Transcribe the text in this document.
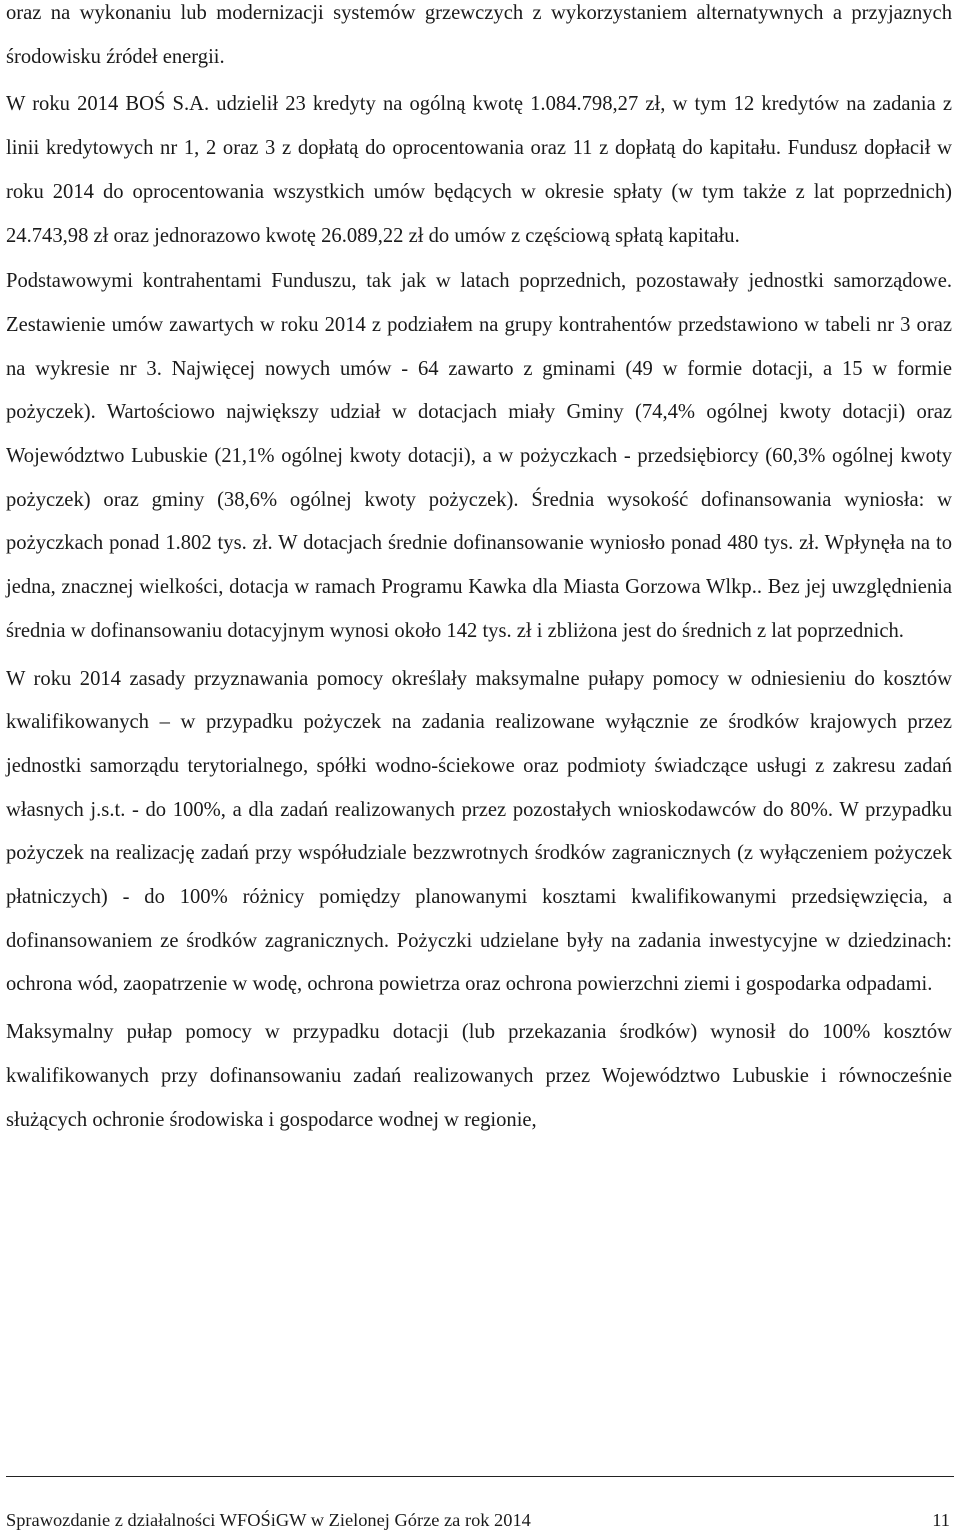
oraz na wykonaniu lub modernizacji systemów grzewczych z wykorzystaniem alternatywnych a przyjaznych środowisku źródeł energii.

W roku 2014 BOŚ S.A. udzielił 23 kredyty na ogólną kwotę 1.084.798,27 zł, w tym 12 kredytów na zadania z linii kredytowych nr 1, 2 oraz 3 z dopłatą do oprocentowania oraz 11 z dopłatą do kapitału. Fundusz dopłacił w roku 2014 do oprocentowania wszystkich umów będących w okresie spłaty (w tym także z lat poprzednich) 24.743,98 zł oraz jednorazowo kwotę 26.089,22 zł do umów z częściową spłatą kapitału.

Podstawowymi kontrahentami Funduszu, tak jak w latach poprzednich, pozostawały jednostki samorządowe. Zestawienie umów zawartych w roku 2014 z podziałem na grupy kontrahentów przedstawiono w tabeli nr 3 oraz na wykresie nr 3. Najwięcej nowych umów - 64 zawarto z gminami (49 w formie dotacji, a 15 w formie pożyczek). Wartościowo największy udział w dotacjach miały Gminy (74,4% ogólnej kwoty dotacji) oraz Województwo Lubuskie (21,1% ogólnej kwoty dotacji), a w pożyczkach - przedsiębiorcy (60,3% ogólnej kwoty pożyczek) oraz gminy (38,6% ogólnej kwoty pożyczek). Średnia wysokość dofinansowania wyniosła: w pożyczkach ponad 1.802 tys. zł. W dotacjach średnie dofinansowanie wyniosło ponad 480 tys. zł. Wpłynęła na to jedna, znacznej wielkości, dotacja w ramach Programu Kawka dla Miasta Gorzowa Wlkp.. Bez jej uwzględnienia średnia w dofinansowaniu dotacyjnym wynosi około 142 tys. zł i zbliżona jest do średnich z lat poprzednich.

W roku 2014 zasady przyznawania pomocy określały maksymalne pułapy pomocy w odniesieniu do kosztów kwalifikowanych – w przypadku pożyczek na zadania realizowane wyłącznie ze środków krajowych przez jednostki samorządu terytorialnego, spółki wodno-ściekowe oraz podmioty świadczące usługi z zakresu zadań własnych j.s.t. - do 100%, a dla zadań realizowanych przez pozostałych wnioskodawców do 80%. W przypadku pożyczek na realizację zadań przy współudziale bezzwrotnych środków zagranicznych (z wyłączeniem pożyczek płatniczych) - do 100% różnicy pomiędzy planowanymi kosztami kwalifikowanymi przedsięwzięcia, a dofinansowaniem ze środków zagranicznych. Pożyczki udzielane były na zadania inwestycyjne w dziedzinach: ochrona wód, zaopatrzenie w wodę, ochrona powietrza oraz ochrona powierzchni ziemi i gospodarka odpadami.

Maksymalny pułap pomocy w przypadku dotacji (lub przekazania środków) wynosił do 100% kosztów kwalifikowanych przy dofinansowaniu zadań realizowanych przez Województwo Lubuskie i równocześnie służących ochronie środowiska i gospodarce wodnej w regionie,

Sprawozdanie z działalności WFOŚiGW w Zielonej Górze za rok 2014	11
